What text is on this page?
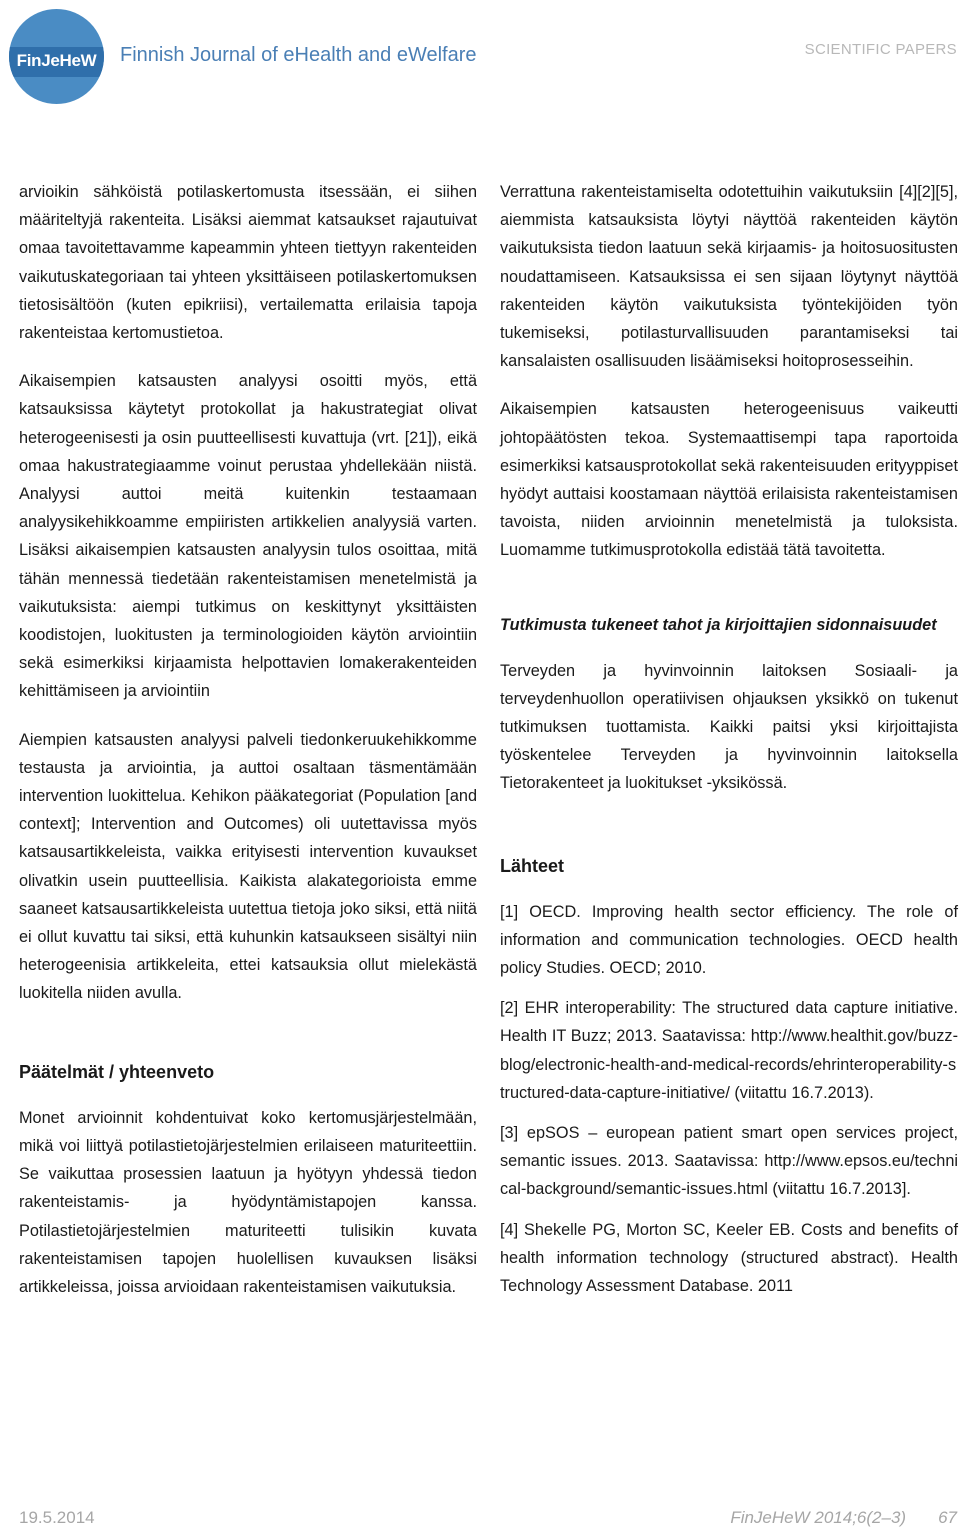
FinJeHeW	Finnish Journal of eHealth and eWelfare	SCIENTIFIC PAPERS

arvioikin sähköistä potilaskertomusta itsessään, ei siihen määriteltyjä rakenteita. Lisäksi aiemmat katsaukset rajautuivat omaa tavoitettavamme kapeammin yhteen tiettyyn rakenteiden vaikutuskategoriaan tai yhteen yksittäiseen potilaskertomuksen tietosisältöön (kuten epikriisi), vertailematta erilaisia tapoja rakenteistaa kertomustietoa.

Aikaisempien katsausten analyysi osoitti myös, että katsauksissa käytetyt protokollat ja hakustrategiat olivat heterogeenisesti ja osin puutteellisesti kuvattuja (vrt. [21]), eikä omaa hakustrategiaamme voinut perustaa yhdellekään niistä. Analyysi auttoi meitä kuitenkin testaamaan analyysikehikkoamme empiiristen artikkelien analyysiä varten. Lisäksi aikaisempien katsausten analyysin tulos osoittaa, mitä tähän mennessä tiedetään rakenteistamisen menetelmistä ja vaikutuksista: aiempi tutkimus on keskittynyt yksittäisten koodistojen, luokitusten ja terminologioiden käytön arviointiin sekä esimerkiksi kirjaamista helpottavien lomakerakenteiden kehittämiseen ja arviointiin

Aiempien katsausten analyysi palveli tiedonkeruukehikkomme testausta ja arviointia, ja auttoi osaltaan täsmentämään intervention luokittelua. Kehikon pääkategoriat (Population [and context]; Intervention and Outcomes) oli uutettavissa myös katsausartikkeleista, vaikka erityisesti intervention kuvaukset olivatkin usein puutteellisia. Kaikista alakategorioista emme saaneet katsausartikkeleista uutettua tietoja joko siksi, että niitä ei ollut kuvattu tai siksi, että kuhunkin katsaukseen sisältyi niin heterogeenisia artikkeleita, ettei katsauksia ollut mielekästä luokitella niiden avulla.

Päätelmät / yhteenveto

Monet arvioinnit kohdentuivat koko kertomusjärjestelmään, mikä voi liittyä potilastietojärjestelmien erilaiseen maturiteettiin. Se vaikuttaa prosessien laatuun ja hyötyyn yhdessä tiedon rakenteistamis- ja hyödyntämistapojen kanssa. Potilastietojärjestelmien maturiteetti tulisikin kuvata rakenteistamisen tapojen huolellisen kuvauksen lisäksi artikkeleissa, joissa arvioidaan rakenteistamisen vaikutuksia.

Verrattuna rakenteistamiselta odotettuihin vaikutuksiin [4][2][5], aiemmista katsauksista löytyi näyttöä rakenteiden käytön vaikutuksista tiedon laatuun sekä kirjaamis- ja hoitosuositusten noudattamiseen. Katsauksissa ei sen sijaan löytynyt näyttöä rakenteiden käytön vaikutuksista työntekijöiden työn tukemiseksi, potilasturvallisuuden parantamiseksi tai kansalaisten osallisuuden lisäämiseksi hoitoprosesseihin.

Aikaisempien katsausten heterogeenisuus vaikeutti johtopäätösten tekoa. Systemaattisempi tapa raportoida esimerkiksi katsausprotokollat sekä rakenteisuuden erityyppiset hyödyt auttaisi koostamaan näyttöä erilaisista rakenteistamisen tavoista, niiden arvioinnin menetelmistä ja tuloksista. Luomamme tutkimusprotokolla edistää tätä tavoitetta.

Tutkimusta tukeneet tahot ja kirjoittajien sidonnaisuudet

Terveyden ja hyvinvoinnin laitoksen Sosiaali- ja terveydenhuollon operatiivisen ohjauksen yksikkö on tukenut tutkimuksen tuottamista. Kaikki paitsi yksi kirjoittajista työskentelee Terveyden ja hyvinvoinnin laitoksella Tietorakenteet ja luokitukset -yksikössä.

Lähteet
[1] OECD. Improving health sector efficiency. The role of information and communication technologies. OECD health policy Studies. OECD; 2010.
[2] EHR interoperability: The structured data capture initiative. Health IT Buzz; 2013. Saatavissa: http://www.healthit.gov/buzz-blog/electronic-health-and-medical-records/ehrinteroperability-structured-data-capture-initiative/ (viitattu 16.7.2013).
[3] epSOS – european patient smart open services project, semantic issues. 2013. Saatavissa: http://www.epsos.eu/technical-background/semantic-issues.html (viitattu 16.7.2013].
[4] Shekelle PG, Morton SC, Keeler EB. Costs and benefits of health information technology (structured abstract). Health Technology Assessment Database. 2011
19.5.2014	FinJeHeW 2014;6(2–3) 67
